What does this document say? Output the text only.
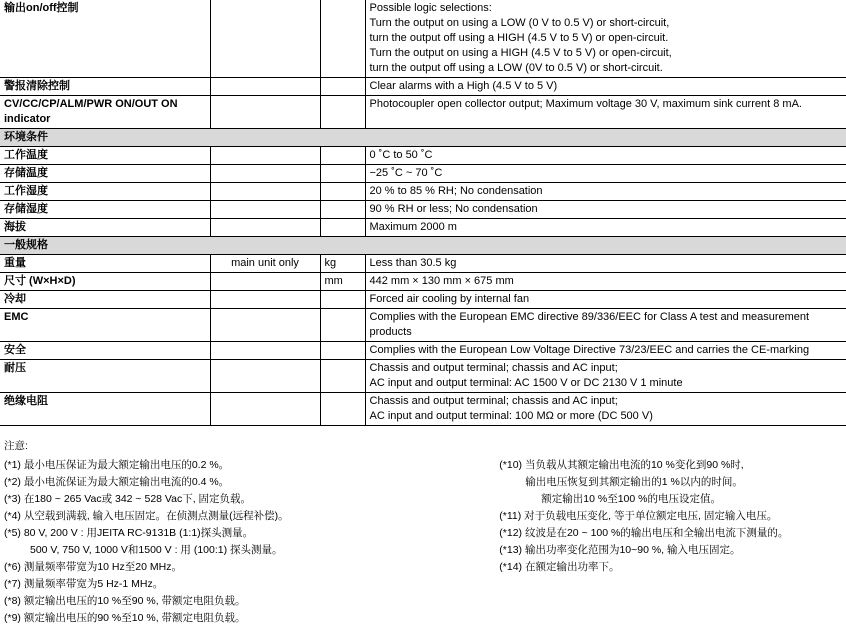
输出on/off控制			Possible logic selections:
Turn the output on using a LOW (0 V to 0.5 V) or short-circuit,
turn the output off using a HIGH (4.5 V to 5 V) or open-circuit.
Turn the output on using a HIGH (4.5 V to 5 V) or open-circuit,
turn the output off using a LOW (0V to 0.5 V) or short-circuit.

警报清除控制			Clear alarms with a High (4.5 V to 5 V)

CV/CC/CP/ALM/PWR ON/OUT ON indicator			Photocoupler open collector output; Maximum voltage 30 V, maximum sink current 8 mA.

环境条件			
工作温度			0 ˚C to 50 ˚C

存储温度			−25 ˚C ~ 70 ˚C

工作湿度			20 % to 85 % RH; No condensation

存储湿度			90 % RH or less; No condensation

海拔			Maximum 2000 m

一般规格			
重量	main unit only	kg	Less than 30.5 kg

尺寸 (W×H×D)		mm	442 mm × 130 mm × 675 mm

冷却			Forced air cooling by internal fan

EMC			Complies with the European EMC directive 89/336/EEC for Class A test and measurement products

安全			Complies with the European Low Voltage Directive 73/23/EEC and carries the CE-marking

耐压			Chassis and output terminal; chassis and AC input;
AC input and output terminal: AC 1500 V or DC 2130 V 1 minute

绝缘电阻			Chassis and output terminal; chassis and AC input;
AC input and output terminal: 100 MΩ or more (DC 500 V)
注意:
(*1) 最小电压保证为最大额定输出电压的0.2 %。
(*2) 最小电流保证为最大额定输出电流的0.4 %。
(*3) 在180 ~ 265 Vac或 342 ~ 528 Vac下, 固定负载。
(*4) 从空载到满载, 输入电压固定。在侦测点测量(远程补偿)。
(*5) 80 V, 200 V : 用JEITA RC-9131B (1:1)探头测量。
500 V, 750 V, 1000 V和1500 V : 用 (100:1) 探头测量。
(*6) 测量频率带宽为10 Hz至20 MHz。
(*7) 测量频率带宽为5 Hz-1 MHz。
(*8) 额定输出电压的10 %至90 %, 带额定电阻负载。
(*9) 额定输出电压的90 %至10 %, 带额定电阻负载。
(*10) 当负载从其额定输出电流的10 %变化到90 %时,
输出电压恢复到其额定输出的1 %以内的时间。
额定输出10 %至100 %的电压设定值。
(*11) 对于负载电压变化, 等于单位额定电压, 固定输入电压。
(*12) 纹波是在20 ~ 100 %的输出电压和全输出电流下测量的。
(*13) 输出功率变化范围为10~90 %, 输入电压固定。
(*14) 在额定输出功率下。
